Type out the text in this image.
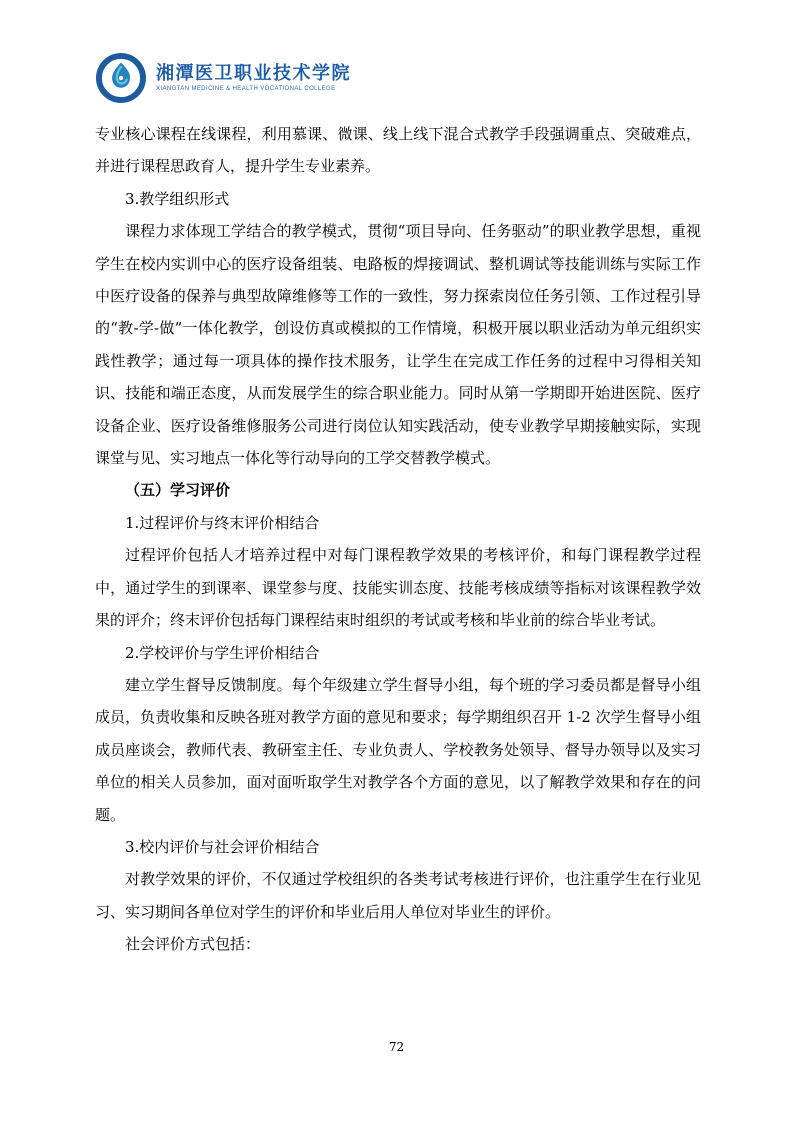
湘潭医卫职业技术学院
XIANGTAN MEDICINE & HEALTH VOCATIONAL COLLEGE

专业核心课程在线课程，利用慕课、微课、线上线下混合式教学手段强调重点、突破难点，并进行课程思政育人，提升学生专业素养。

3.教学组织形式

课程力求体现工学结合的教学模式，贯彻“项目导向、任务驱动”的职业教学思想，重视学生在校内实训中心的医疗设备组装、电路板的焊接调试、整机调试等技能训练与实际工作中医疗设备的保养与典型故障维修等工作的一致性，努力探索岗位任务引领、工作过程引导的“教-学-做”一体化教学，创设仿真或模拟的工作情境，积极开展以职业活动为单元组织实践性教学；通过每一项具体的操作技术服务，让学生在完成工作任务的过程中习得相关知识、技能和端正态度，从而发展学生的综合职业能力。同时从第一学期即开始进医院、医疗设备企业、医疗设备维修服务公司进行岗位认知实践活动，使专业教学早期接触实际，实现课堂与见、实习地点一体化等行动导向的工学交替教学模式。

（五）学习评价

1.过程评价与终末评价相结合

过程评价包括人才培养过程中对每门课程教学效果的考核评价，和每门课程教学过程中，通过学生的到课率、课堂参与度、技能实训态度、技能考核成绩等指标对该课程教学效果的评介；终末评价包括每门课程结束时组织的考试或考核和毕业前的综合毕业考试。

2.学校评价与学生评价相结合

建立学生督导反馈制度。每个年级建立学生督导小组，每个班的学习委员都是督导小组成员，负责收集和反映各班对教学方面的意见和要求；每学期组织召开 1-2 次学生督导小组成员座谈会，教师代表、教研室主任、专业负责人、学校教务处领导、督导办领导以及实习单位的相关人员参加，面对面听取学生对教学各个方面的意见，以了解教学效果和存在的问题。

3.校内评价与社会评价相结合

对教学效果的评价，不仅通过学校组织的各类考试考核进行评价，也注重学生在行业见习、实习期间各单位对学生的评价和毕业后用人单位对毕业生的评价。

社会评价方式包括：

72
